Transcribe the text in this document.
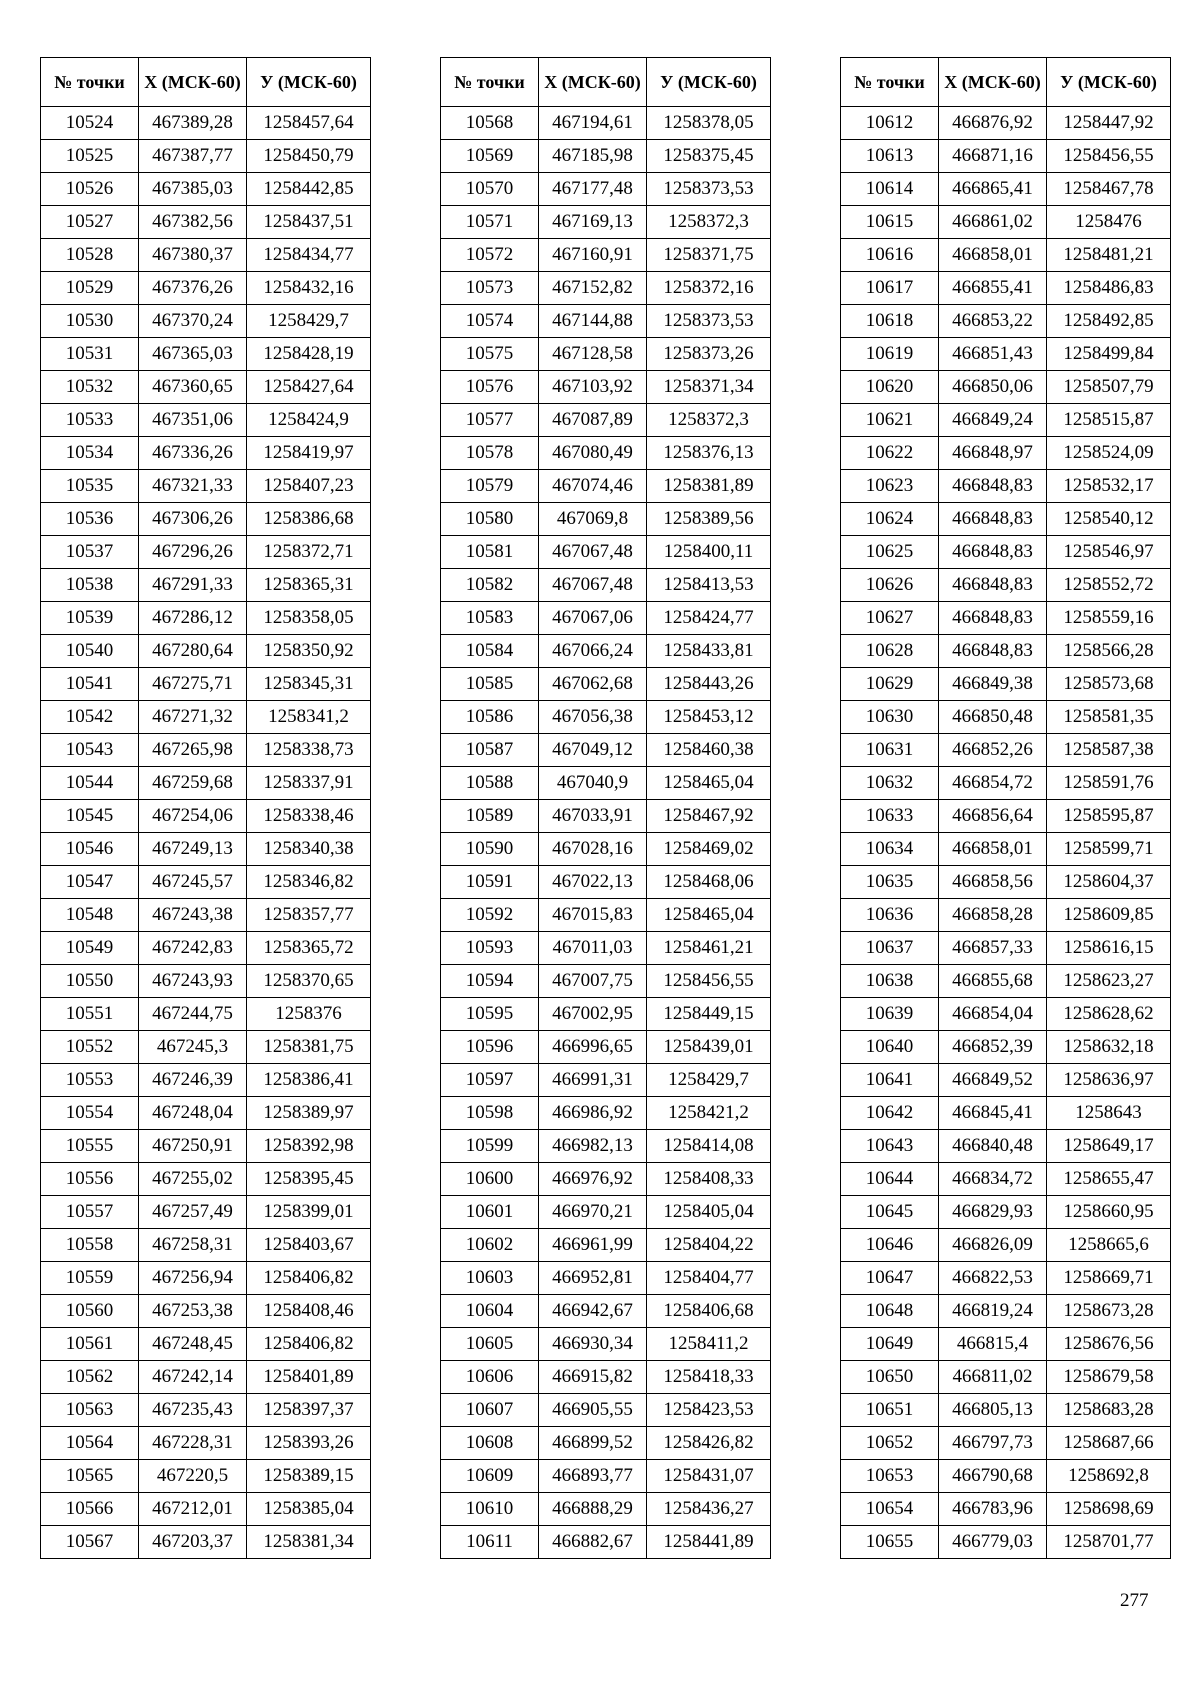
№ точки	Х (МСК-60)	У (МСК-60)
10524	467389,28	1258457,64
10525	467387,77	1258450,79
10526	467385,03	1258442,85
10527	467382,56	1258437,51
10528	467380,37	1258434,77
10529	467376,26	1258432,16
10530	467370,24	1258429,7
10531	467365,03	1258428,19
10532	467360,65	1258427,64
10533	467351,06	1258424,9
10534	467336,26	1258419,97
10535	467321,33	1258407,23
10536	467306,26	1258386,68
10537	467296,26	1258372,71
10538	467291,33	1258365,31
10539	467286,12	1258358,05
10540	467280,64	1258350,92
10541	467275,71	1258345,31
10542	467271,32	1258341,2
10543	467265,98	1258338,73
10544	467259,68	1258337,91
10545	467254,06	1258338,46
10546	467249,13	1258340,38
10547	467245,57	1258346,82
10548	467243,38	1258357,77
10549	467242,83	1258365,72
10550	467243,93	1258370,65
10551	467244,75	1258376
10552	467245,3	1258381,75
10553	467246,39	1258386,41
10554	467248,04	1258389,97
10555	467250,91	1258392,98
10556	467255,02	1258395,45
10557	467257,49	1258399,01
10558	467258,31	1258403,67
10559	467256,94	1258406,82
10560	467253,38	1258408,46
10561	467248,45	1258406,82
10562	467242,14	1258401,89
10563	467235,43	1258397,37
10564	467228,31	1258393,26
10565	467220,5	1258389,15
10566	467212,01	1258385,04
10567	467203,37	1258381,34
№ точки	Х (МСК-60)	У (МСК-60)
10568	467194,61	1258378,05
10569	467185,98	1258375,45
10570	467177,48	1258373,53
10571	467169,13	1258372,3
10572	467160,91	1258371,75
10573	467152,82	1258372,16
10574	467144,88	1258373,53
10575	467128,58	1258373,26
10576	467103,92	1258371,34
10577	467087,89	1258372,3
10578	467080,49	1258376,13
10579	467074,46	1258381,89
10580	467069,8	1258389,56
10581	467067,48	1258400,11
10582	467067,48	1258413,53
10583	467067,06	1258424,77
10584	467066,24	1258433,81
10585	467062,68	1258443,26
10586	467056,38	1258453,12
10587	467049,12	1258460,38
10588	467040,9	1258465,04
10589	467033,91	1258467,92
10590	467028,16	1258469,02
10591	467022,13	1258468,06
10592	467015,83	1258465,04
10593	467011,03	1258461,21
10594	467007,75	1258456,55
10595	467002,95	1258449,15
10596	466996,65	1258439,01
10597	466991,31	1258429,7
10598	466986,92	1258421,2
10599	466982,13	1258414,08
10600	466976,92	1258408,33
10601	466970,21	1258405,04
10602	466961,99	1258404,22
10603	466952,81	1258404,77
10604	466942,67	1258406,68
10605	466930,34	1258411,2
10606	466915,82	1258418,33
10607	466905,55	1258423,53
10608	466899,52	1258426,82
10609	466893,77	1258431,07
10610	466888,29	1258436,27
10611	466882,67	1258441,89
№ точки	Х (МСК-60)	У (МСК-60)
10612	466876,92	1258447,92
10613	466871,16	1258456,55
10614	466865,41	1258467,78
10615	466861,02	1258476
10616	466858,01	1258481,21
10617	466855,41	1258486,83
10618	466853,22	1258492,85
10619	466851,43	1258499,84
10620	466850,06	1258507,79
10621	466849,24	1258515,87
10622	466848,97	1258524,09
10623	466848,83	1258532,17
10624	466848,83	1258540,12
10625	466848,83	1258546,97
10626	466848,83	1258552,72
10627	466848,83	1258559,16
10628	466848,83	1258566,28
10629	466849,38	1258573,68
10630	466850,48	1258581,35
10631	466852,26	1258587,38
10632	466854,72	1258591,76
10633	466856,64	1258595,87
10634	466858,01	1258599,71
10635	466858,56	1258604,37
10636	466858,28	1258609,85
10637	466857,33	1258616,15
10638	466855,68	1258623,27
10639	466854,04	1258628,62
10640	466852,39	1258632,18
10641	466849,52	1258636,97
10642	466845,41	1258643
10643	466840,48	1258649,17
10644	466834,72	1258655,47
10645	466829,93	1258660,95
10646	466826,09	1258665,6
10647	466822,53	1258669,71
10648	466819,24	1258673,28
10649	466815,4	1258676,56
10650	466811,02	1258679,58
10651	466805,13	1258683,28
10652	466797,73	1258687,66
10653	466790,68	1258692,8
10654	466783,96	1258698,69
10655	466779,03	1258701,77
277
